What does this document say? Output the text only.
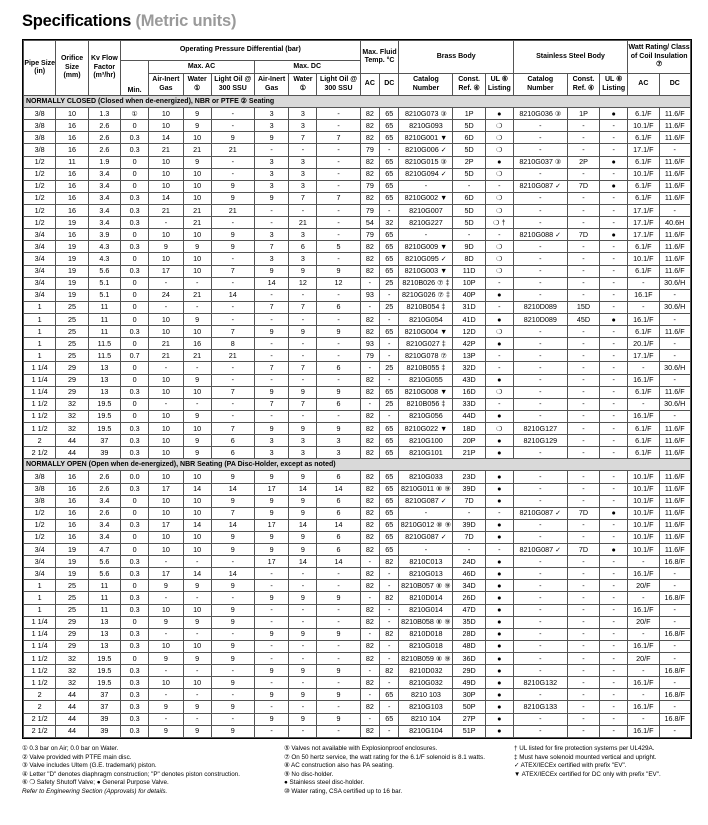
Specifications (Metric units)
Pipe Size (in)	Orifice Size (mm)	Kv Flow Factor (m³/hr)	Operating Pressure Differential (bar)							Max. Fluid Temp. °C		Brass Body			Stainless Steel Body			Watt Rating/ Class of Coil Insulation ⑦	
			Min.	Max. AC			Max. DC												
				Air-Inert Gas	Water ①	Light Oil @ 300 SSU	Air-Inert Gas	Water ①	Light Oil @ 300 SSU	AC	DC	Catalog Number	Const. Ref. ④	UL ⑥ Listing	Catalog Number	Const. Ref. ④	UL ⑥ Listing	AC	DC
NORMALLY CLOSED (Closed when de-energized), NBR or PTFE ② Seating																			
3/8	10	1.3	①	10	9	-	3	3	-	82	65	8210G073 ③	1P	●	8210G036 ③	1P	●	6.1/F	11.6/F
3/8	16	2.6	0	10	9	-	3	3	-	82	65	8210G093	5D	❍	-	-	-	10.1/F	11.6/F
3/8	16	2.6	0.3	14	10	9	9	7	7	82	65	8210G001 ▼	6D	❍	-	-	-	6.1/F	11.6/F
3/8	16	2.6	0.3	21	21	21	-	-	-	79	-	8210G006 ✓	5D	❍	-	-	-	17.1/F	-
1/2	11	1.9	0	10	9	-	3	3	-	82	65	8210G015 ③	2P	●	8210G037 ③	2P	●	6.1/F	11.6/F
1/2	16	3.4	0	10	10	-	3	3	-	82	65	8210G094 ✓	5D	❍	-	-	-	10.1/F	11.6/F
1/2	16	3.4	0	10	10	9	3	3	-	79	65	-	-	-	8210G087 ✓	7D	●	6.1/F	11.6/F
1/2	16	3.4	0.3	14	10	9	9	7	7	82	65	8210G002 ▼	6D	❍	-	-	-	6.1/F	11.6/F
1/2	16	3.4	0.3	21	21	21	-	-	-	79	-	8210G007	5D	❍	-	-	-	17.1/F	-
1/2	19	3.4	0.3	-	21	-	-	21	-	54	32	8210G227	5D	❍ †	-	-	-	17.1/F	40.6H
3/4	16	3.9	0	10	10	9	3	3	-	79	65	-	-	-	8210G088 ✓	7D	●	17.1/F	11.6/F
3/4	19	4.3	0.3	9	9	9	7	6	5	82	65	8210G009 ▼	9D	❍	-	-	-	6.1/F	11.6/F
3/4	19	4.3	0	10	10	-	3	3	-	82	65	8210G095 ✓	8D	❍	-	-	-	10.1/F	11.6/F
3/4	19	5.6	0.3	17	10	7	9	9	9	82	65	8210G003 ▼	11D	❍	-	-	-	6.1/F	11.6/F
3/4	19	5.1	0	-	-	-	14	12	12	-	25	8210B026 ⑦ ‡	10P	-	-	-	-	-	30.6/H
3/4	19	5.1	0	24	21	14	-	-	-	93	-	8210G026 ⑦ ‡	40P	●	-	-	-	16.1F	-
1	25	11	0	-	-	-	7	7	6	-	25	8210B054 ‡	31D	-	8210D089	15D	-	-	30.6/H
1	25	11	0	10	9	-	-	-	-	82	-	8210G054	41D	●	8210D089	45D	●	16.1/F	-
1	25	11	0.3	10	10	7	9	9	9	82	65	8210G004 ▼	12D	❍	-	-	-	6.1/F	11.6/F
1	25	11.5	0	21	16	8	-	-	-	93	-	8210G027 ‡	42P	●	-	-	-	20.1/F	-
1	25	11.5	0.7	21	21	21	-	-	-	79	-	8210G078 ⑦	13P	-	-	-	-	17.1/F	-
1 1/4	29	13	0	-	-	-	7	7	6	-	25	8210B055 ‡	32D	-	-	-	-	-	30.6/H
1 1/4	29	13	0	10	9	-	-	-	-	82	-	8210G055	43D	●	-	-	-	16.1/F	-
1 1/4	29	13	0.3	10	10	7	9	9	9	82	65	8210G008 ▼	16D	❍	-	-	-	6.1/F	11.6/F
1 1/2	32	19.5	0	-	-	-	7	7	6	-	25	8210B056 ‡	33D	-	-	-	-	-	30.6/H
1 1/2	32	19.5	0	10	9	-	-	-	-	82	-	8210G056	44D	●	-	-	-	16.1/F	-
1 1/2	32	19.5	0.3	10	10	7	9	9	9	82	65	8210G022 ▼	18D	❍	8210G127	-	-	6.1/F	11.6/F
2	44	37	0.3	10	9	6	3	3	3	82	65	8210G100	20P	●	8210G129	-	-	6.1/F	11.6/F
2 1/2	44	39	0.3	10	9	6	3	3	3	82	65	8210G101	21P	●	-	-	-	6.1/F	11.6/F
NORMALLY OPEN (Open when de-energized), NBR Seating (PA Disc-Holder, except as noted)																			
3/8	16	2.6	0.0	10	10	9	9	9	6	82	65	8210G033	23D	●	-	-	-	10.1/F	11.6/F
3/8	16	2.6	0.3	17	14	14	17	14	14	82	65	8210G011 ⑧ ⑨	39D	●	-	-	-	10.1/F	11.6/F
3/8	16	3.4	0	10	10	9	9	9	6	82	65	8210G087 ✓	7D	●	-	-	-	10.1/F	11.6/F
1/2	16	2.6	0	10	10	7	9	9	6	82	65	-	-	-	8210G087 ✓	7D	●	10.1/F	11.6/F
1/2	16	3.4	0.3	17	14	14	17	14	14	82	65	8210G012 ⑧ ⑨	39D	●	-	-	-	10.1/F	11.6/F
1/2	16	3.4	0	10	10	9	9	9	6	82	65	8210G087 ✓	7D	●	-	-	-	10.1/F	11.6/F
3/4	19	4.7	0	10	10	9	9	9	6	82	65	-	-	-	8210G087 ✓	7D	●	10.1/F	11.6/F
3/4	19	5.6	0.3	-	-	-	17	14	14	-	82	8210C013	24D	●	-	-	-	-	16.8/F
3/4	19	5.6	0.3	17	14	14	-	-	-	82	-	8210G013	46D	●	-	-	-	16.1/F	-
1	25	11	0	9	9	9	-	-	-	82	-	8210B057 ⑧ ⑨	34D	●	-	-	-	20/F	-
1	25	11	0.3	-	-	-	9	9	9	-	82	8210D014	26D	●	-	-	-	-	16.8/F
1	25	11	0.3	10	10	9	-	-	-	82	-	8210G014	47D	●	-	-	-	16.1/F	-
1 1/4	29	13	0	9	9	9	-	-	-	82	-	8210B058 ⑧ ⑨	35D	●	-	-	-	20/F	-
1 1/4	29	13	0.3	-	-	-	9	9	9	-	82	8210D018	28D	●	-	-	-	-	16.8/F
1 1/4	29	13	0.3	10	10	9	-	-	-	82	-	8210G018	48D	●	-	-	-	16.1/F	-
1 1/2	32	19.5	0	9	9	9	-	-	-	82	-	8210B059 ⑧ ⑨	36D	●	-	-	-	20/F	-
1 1/2	32	19.5	0.3	-	-	-	9	9	9	-	82	8210D032	29D	●	-	-	-	-	16.8/F
1 1/2	32	19.5	0.3	10	10	9	-	-	-	82	-	8210G032	49D	●	8210G132	-	-	16.1/F	-
2	44	37	0.3	-	-	-	9	9	9	-	65	8210 103	30P	●	-	-	-	-	16.8/F
2	44	37	0.3	9	9	9	-	-	-	82	-	8210G103	50P	●	8210G133	-	-	16.1/F	-
2 1/2	44	39	0.3	-	-	-	9	9	9	-	65	8210 104	27P	●	-	-	-	-	16.8/F
2 1/2	44	39	0.3	9	9	9	-	-	-	82	-	8210G104	51P	●	-	-	-	16.1/F	-
① 0.3 bar on Air; 0.0 bar on Water.
② Valve provided with PTFE main disc.
③ Valve includes Ultem (G.E. trademark) piston.
④ Letter "D" denotes diaphragm construction; "P" denotes piston construction.
⑥ ❍ Safety Shutoff Valve; ● General Purpose Valve.
Refer to Engineering Section (Approvals) for details.
⑤ Valves not available with Explosionproof enclosures.
⑦ On 50 hertz service, the watt rating for the 6.1/F solenoid is 8.1 watts.
⑧ AC construction also has PA seating.
⑨ No disc-holder.
● Stainless steel disc-holder.
⑩ Water rating, CSA certified up to 16 bar.
† UL listed for fire protection systems per UL429A.
‡ Must have solenoid mounted vertical and upright.
✓ ATEX/IECEx certified with prefix "EV".
▼ ATEX/IECEx certified for DC only with prefix "EV".
